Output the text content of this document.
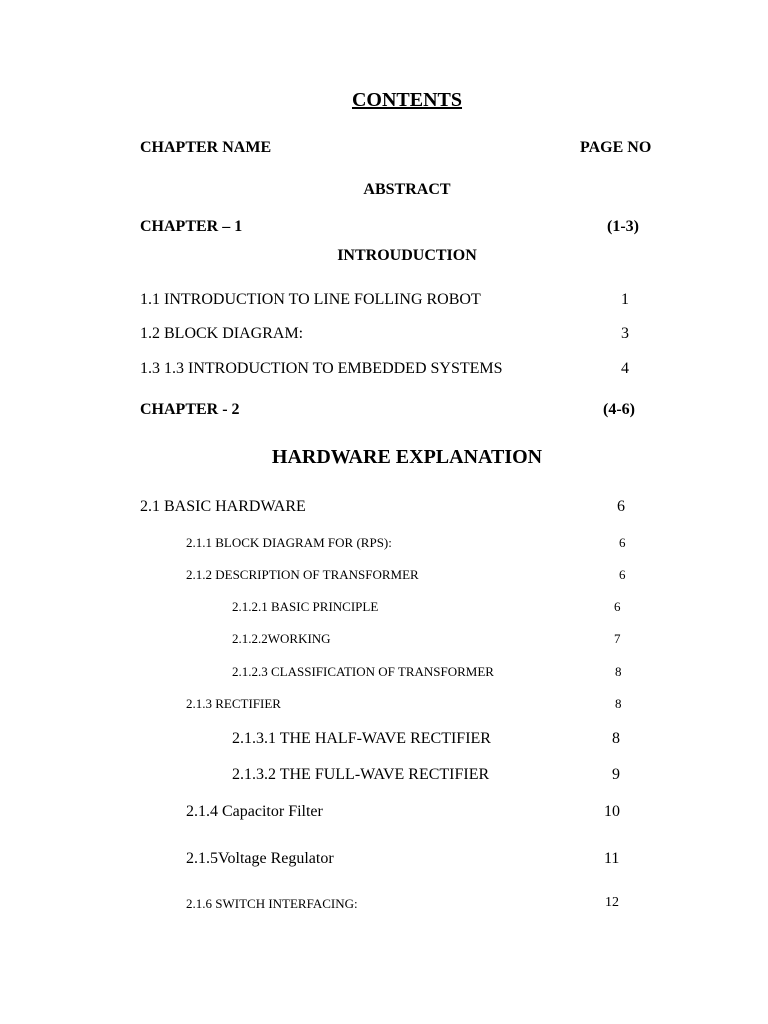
CONTENTS
CHAPTER NAME	PAGE NO
ABSTRACT
CHAPTER – 1	(1-3)
INTROUDUCTION
1.1 INTRODUCTION TO LINE FOLLING ROBOT	1
1.2 BLOCK DIAGRAM:	3
1.3 1.3 INTRODUCTION TO EMBEDDED SYSTEMS	4
CHAPTER - 2	(4-6)
HARDWARE EXPLANATION
2.1 BASIC HARDWARE	6
2.1.1 BLOCK DIAGRAM FOR (RPS):	6
2.1.2 DESCRIPTION OF TRANSFORMER	6
2.1.2.1 BASIC PRINCIPLE	6
2.1.2.2WORKING	7
2.1.2.3 CLASSIFICATION OF TRANSFORMER	8
2.1.3 RECTIFIER	8
2.1.3.1 THE HALF-WAVE RECTIFIER	8
2.1.3.2 THE FULL-WAVE RECTIFIER	9
2.1.4 Capacitor Filter	10
2.1.5Voltage Regulator	11
2.1.6 SWITCH INTERFACING:	12
